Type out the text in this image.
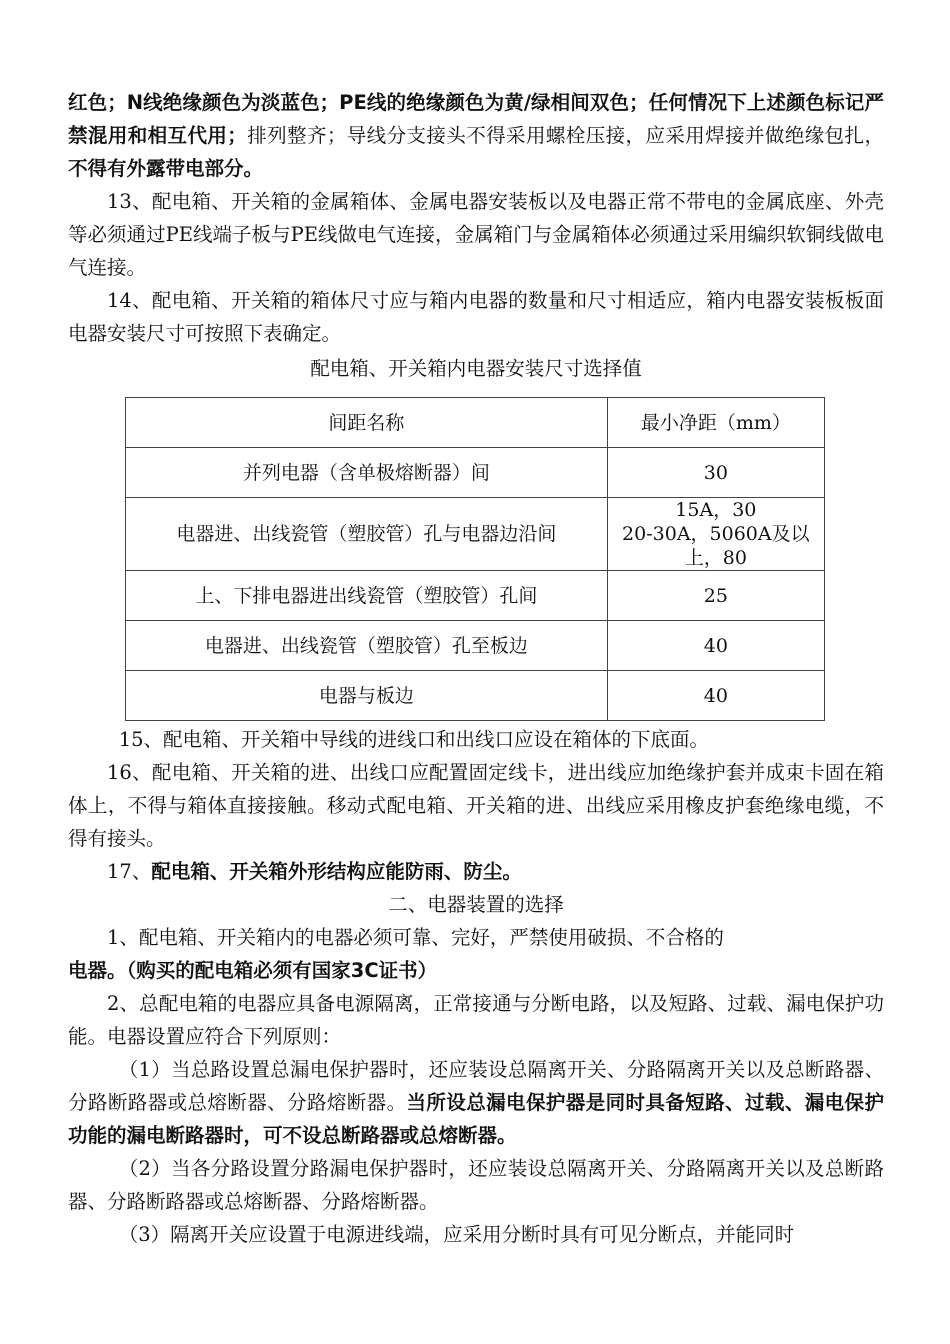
红色；N线绝缘颜色为淡蓝色；PE线的绝缘颜色为黄/绿相间双色；任何情况下上述颜色标记严禁混用和相互代用；排列整齐；导线分支接头不得采用螺栓压接，应采用焊接并做绝缘包扎，不得有外露带电部分。

13、配电箱、开关箱的金属箱体、金属电器安装板以及电器正常不带电的金属底座、外壳等必须通过PE线端子板与PE线做电气连接，金属箱门与金属箱体必须通过采用编织软铜线做电气连接。

14、配电箱、开关箱的箱体尺寸应与箱内电器的数量和尺寸相适应，箱内电器安装板板面电器安装尺寸可按照下表确定。

配电箱、开关箱内电器安装尺寸选择值

间距名称	最小净距（mm）
并列电器（含单极熔断器）间	30
电器进、出线瓷管（塑胶管）孔与电器边沿间	15A，30
20-30A，5060A及以上，80
上、下排电器进出线瓷管（塑胶管）孔间	25
电器进、出线瓷管（塑胶管）孔至板边	40
电器与板边	40

15、配电箱、开关箱中导线的进线口和出线口应设在箱体的下底面。

16、配电箱、开关箱的进、出线口应配置固定线卡，进出线应加绝缘护套并成束卡固在箱体上，不得与箱体直接接触。移动式配电箱、开关箱的进、出线应采用橡皮护套绝缘电缆，不得有接头。

17、配电箱、开关箱外形结构应能防雨、防尘。

二、电器装置的选择

1、配电箱、开关箱内的电器必须可靠、完好，严禁使用破损、不合格的

电器。（购买的配电箱必须有国家3C证书）

2、总配电箱的电器应具备电源隔离，正常接通与分断电路，以及短路、过载、漏电保护功能。电器设置应符合下列原则：

（1）当总路设置总漏电保护器时，还应装设总隔离开关、分路隔离开关以及总断路器、分路断路器或总熔断器、分路熔断器。当所设总漏电保护器是同时具备短路、过载、漏电保护功能的漏电断路器时，可不设总断路器或总熔断器。

（2）当各分路设置分路漏电保护器时，还应装设总隔离开关、分路隔离开关以及总断路器、分路断路器或总熔断器、分路熔断器。

（3）隔离开关应设置于电源进线端，应采用分断时具有可见分断点，并能同时
